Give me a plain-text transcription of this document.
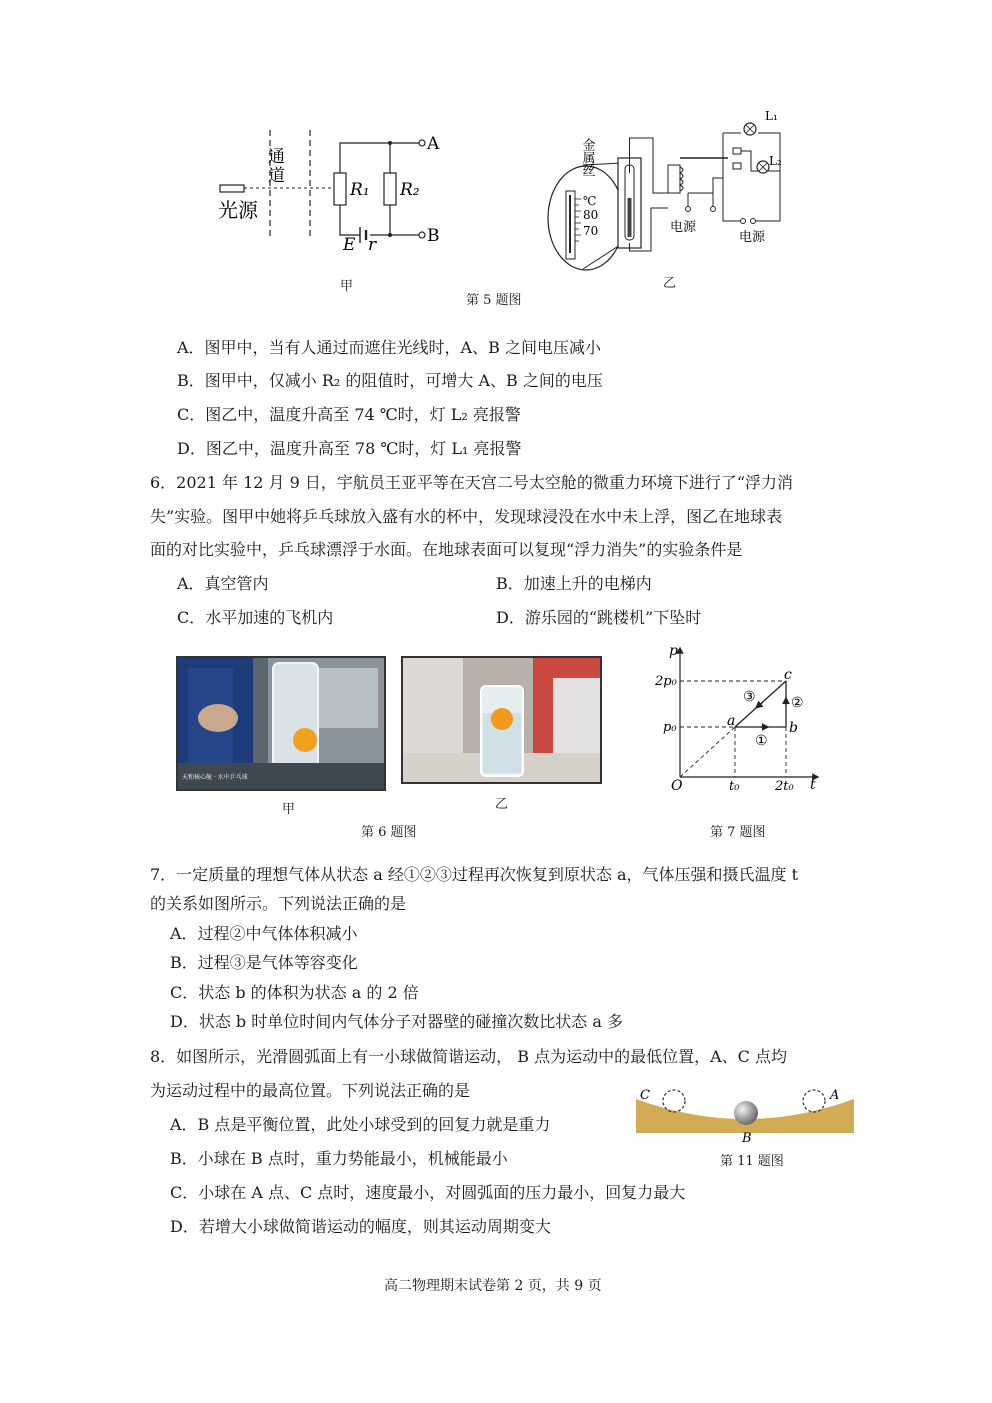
通道
光源
R₁ R₂
E r
A
B
甲
金属丝
℃
80
70	电源
电源
L₁
L₂
乙
第 5 题图
A．图甲中，当有人通过而遮住光线时，A、B 之间电压减小
B．图甲中，仅减小 R₂ 的阻值时，可增大 A、B 之间的电压
C．图乙中，温度升高至 74 ℃时，灯 L₂ 亮报警
D．图乙中，温度升高至 78 ℃时，灯 L₁ 亮报警
6．2021 年 12 月 9 日，宇航员王亚平等在天宫二号太空舱的微重力环境下进行了“浮力消
失”实验。图甲中她将乒乓球放入盛有水的杯中，发现球浸没在水中未上浮，图乙在地球表
面的对比实验中，乒乓球漂浮于水面。在地球表面可以复现“浮力消失”的实验条件是
A．真空管内	B．加速上升的电梯内
C．水平加速的飞机内	D．游乐园的“跳楼机”下坠时
天和核心舱 · 水中乒乓球
甲	乙
第 6 题图
p
t
O
2p₀
p₀
t₀	2t₀
a	b
c
①
②
③
第 7 题图
7．一定质量的理想气体从状态 a 经①②③过程再次恢复到原状态 a，气体压强和摄氏温度 t
的关系如图所示。下列说法正确的是
A．过程②中气体体积减小
B．过程③是气体等容变化
C．状态 b 的体积为状态 a 的 2 倍
D．状态 b 时单位时间内气体分子对器壁的碰撞次数比状态 a 多
8．如图所示，光滑圆弧面上有一小球做简谐运动， B 点为运动中的最低位置，A、C 点均
为运动过程中的最高位置。下列说法正确的是
A．B 点是平衡位置，此处小球受到的回复力就是重力
B．小球在 B 点时，重力势能最小，机械能最小
C．小球在 A 点、C 点时，速度最小，对圆弧面的压力最小，回复力最大
D．若增大小球做简谐运动的幅度，则其运动周期变大
C	A
B
第 11 题图
高二物理期末试卷第 2 页，共 9 页
